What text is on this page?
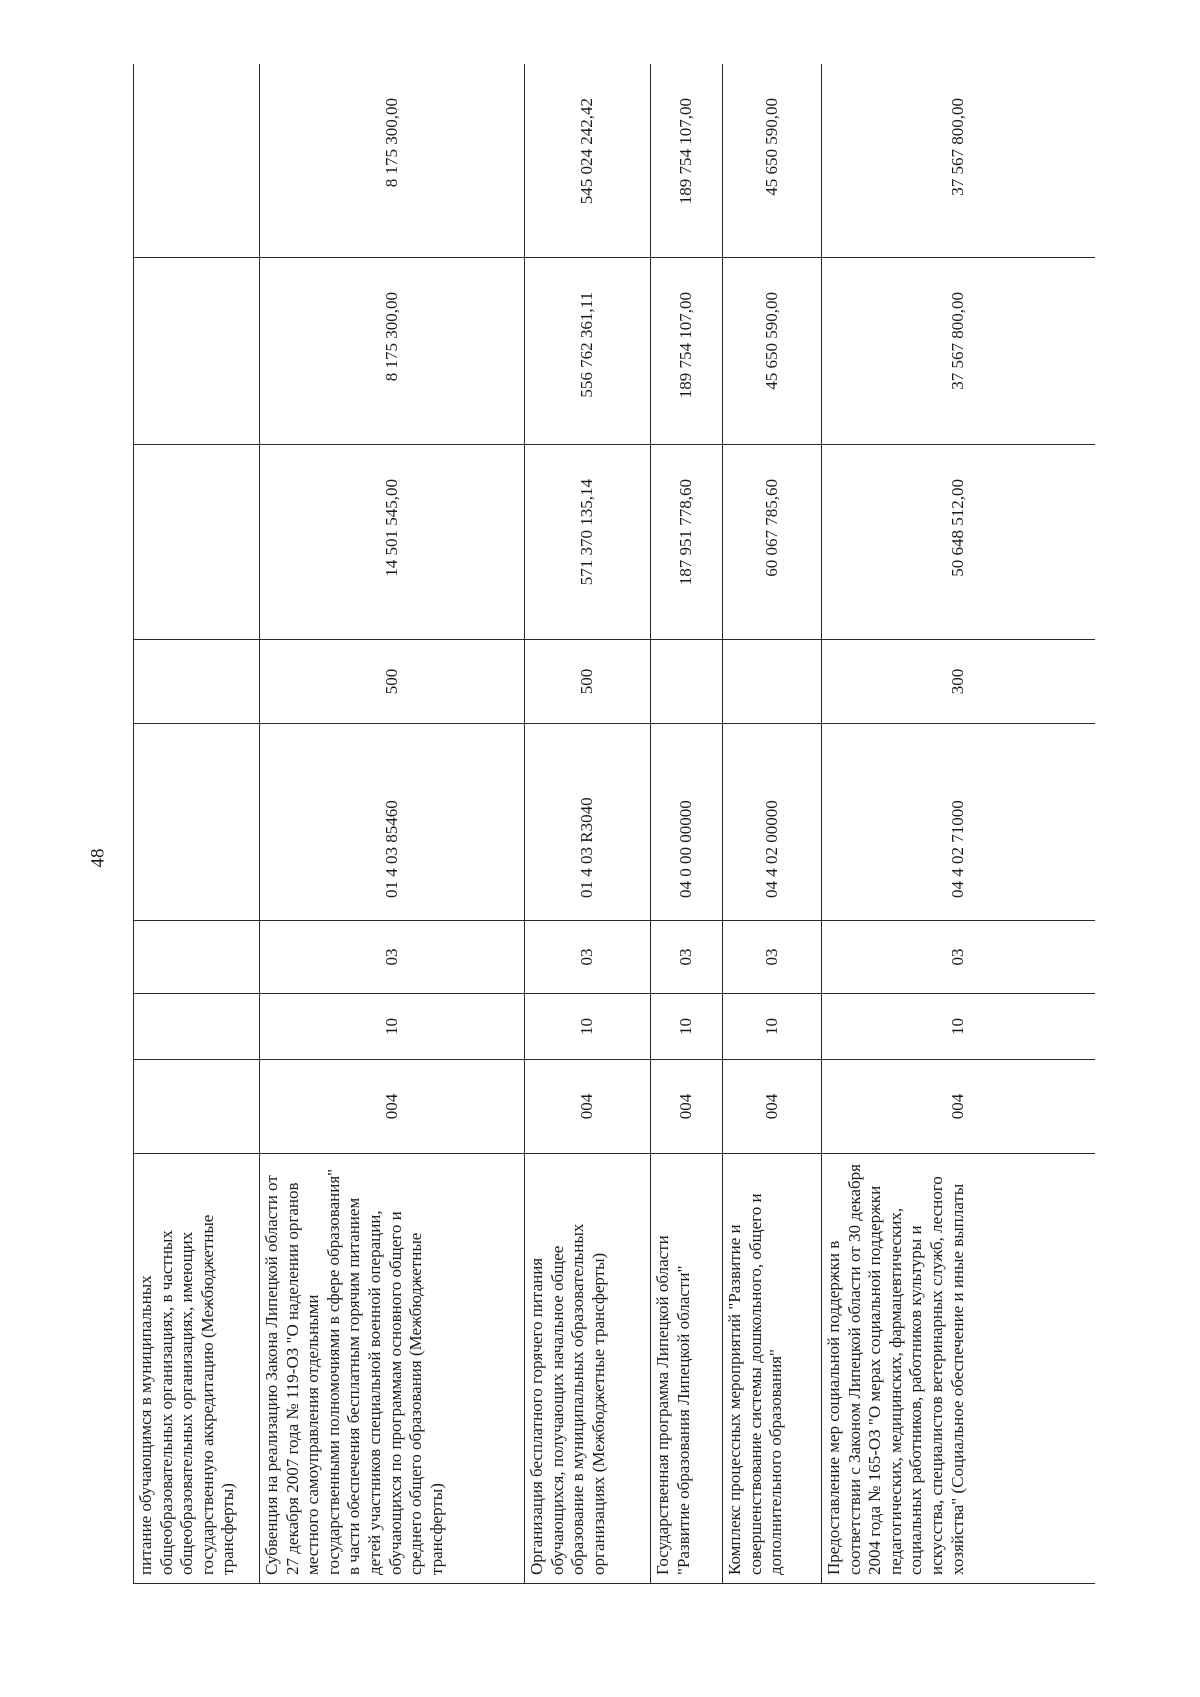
48
питание обучающимся в муниципальных общеобразовательных организациях, в частных общеобразовательных организациях, имеющих государственную аккредитацию (Межбюджетные трансферты)								
Субвенция на реализацию Закона Липецкой области от 27 декабря 2007 года № 119-ОЗ "О наделении органов местного самоуправления отдельными государственными полномочиями в сфере образования" в части обеспечения бесплатным горячим питанием детей участников специальной военной операции, обучающихся по программам основного общего и среднего общего образования (Межбюджетные трансферты)	004	10	03	01 4 03 85460	500	14 501 545,00	8 175 300,00	8 175 300,00
Организация бесплатного горячего питания обучающихся, получающих начальное общее образование в муниципальных образовательных организациях (Межбюджетные трансферты)	004	10	03	01 4 03 R3040	500	571 370 135,14	556 762 361,11	545 024 242,42
Государственная программа Липецкой области "Развитие образования Липецкой области"	004	10	03	04 0 00 00000		187 951 778,60	189 754 107,00	189 754 107,00
Комплекс процессных мероприятий "Развитие и совершенствование системы дошкольного, общего и дополнительного образования"	004	10	03	04 4 02 00000		60 067 785,60	45 650 590,00	45 650 590,00
Предоставление мер социальной поддержки в соответствии с Законом Липецкой области от 30 декабря 2004 года № 165-ОЗ "О мерах социальной поддержки педагогических, медицинских, фармацевтических, социальных работников, работников культуры и искусства, специалистов ветеринарных служб, лесного хозяйства" (Социальное обеспечение и иные выплаты	004	10	03	04 4 02 71000	300	50 648 512,00	37 567 800,00	37 567 800,00
